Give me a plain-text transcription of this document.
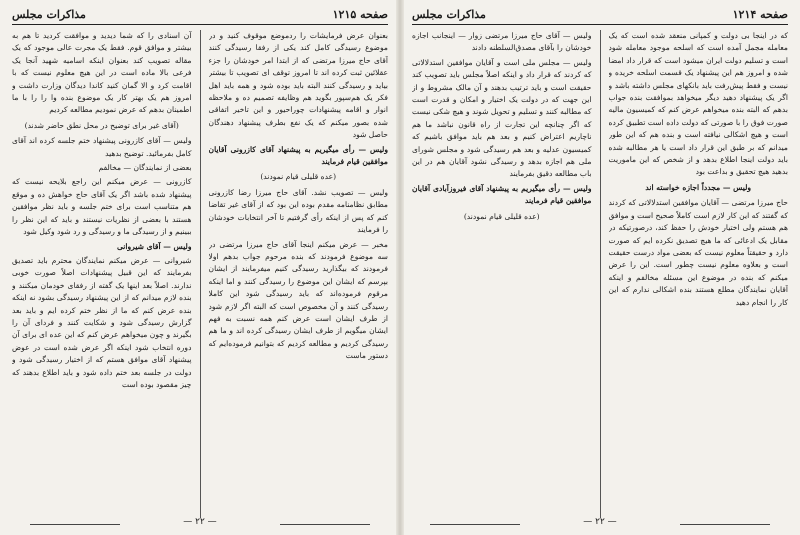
صفحه ۱۲۱۵
مذاکرات مجلس

بعنوان عرض فرمایشات را ردموضع موقوف کنید و در موضوع رسیدگی کامل کند یکی از رفقا رسیدگی کنند آقای حاج میرزا مرتضی که از ابتدا امر خودشان را جزء عقلائین ثبت کرده اند تا امروز توقف ای تصویب تا بیشتر بیاید و رسیدگی کنند البته باید بوده شود و همه باید اهل فکر یک هم‌سپور بگوید هم وظایفه تصمیم ده و ملاحظه انوار و اقامه پیشنهادات چوراحیور و این تاخیر اتفاقی شده بصور میکنم که یک نفع بطرف پیشنهاد دهندگان حاصل شود

ولیس — رأی میگیریم به پیشنهاد آقای کازرونی آقایان موافقین قیام فرمایند

(عده قلیلی قیام نمودند)

ولیس — تصویب نشد. آقای حاج میرزا رضا کازرونی مطابق نظامنامه مقدم بوده این بود که از آقای غیر تقاضا کنم که پس از اینکه رأی گرفتیم تا آخر انتخابات خودشان را فرمایند

مخبر — عرض میکنم اینجا آقای حاج میرزا مرتضی در سه موضوع فرمودند که بنده مرحوم جواب بدهم اولا فرمودند که بیگذارید رسیدگی کنیم میفرمایند از ایشان بپرسم که ایشان این موضوع را رسیدگی کنند و اما اینکه مرقوم فرموده‌اند که باید رسیدگی شود این کاملا رسیدگی کنند و آن مخصوص است که البته اگر لازم شود از طرف ایشان است عرض کنم همه نسبت به فهم ایشان میگویم از طرف ایشان رسیدگی کرده اند و ما هم رسیدگی کردیم و مطالعه کردیم که بتوانیم فرموده‌ایم که دستور ماست

آن اسنادی را که شما دیدید و موافقت کردید تا هم به بیشتر و موافق قوم. فقط یک مجرت عالی موجود که یک مقاله تصویب کند بعنوان اینکه اسامیه شهید آنجا یک فرعی بالا ماده است در این هیچ معلوم نیست که با اقامت کرد و الا گمان کنید کاندا دیدگان وزارت داشت و امروز هم یک بهتر کار یک موضوع بنده وا را را با ما اطمینان بدهم که عرض نمودیم مطالعه کردیم

(آقای غیر برای توضیح در محل نطق حاضر شدند)

ولیس — آقای کازرونی پیشنهاد ختم جلسه کرده اند آقای کامل بفرمائید. توضیح بدهید

بعضی از نمایندگان — مخالفم

کازرونی — عرض میکنم این راجع بلایحه نیست که پیشنهاد شده باشد اگر یک آقای حاج خواهش ده و موقع هم متناسب است برای ختم جلسه و باید نظر موافقین هستند با بعضی از نظریات نیستند و باید که این نظر را ببینیم و از رسیدگی ما و رسیدگی و رد شود وکیل شود

ولیس — آقای شیروانی

شیروانی — عرض میکنم نمایندگان محترم باید تصدیق بفرمایند که این قبیل پیشنهادات اصلاً صورت خوبی ندارند. اصلاً بعد اینها یک گفته از رفقای خودمان میکنند و بنده لازم میدانم که از این پیشنهاد رسیدگی بشود نه اینکه بنده عرض کنم که ما از نظر ختم کرده ایم و باید بعد گزارش رسیدگی شود و شکایت کنند و فردای آن را بگیرند و چون میخواهم عرض کنم که این عده ای برای آن دوره انتخاب شود اینکه اگر عرض شده است در عوض پیشنهاد آقای موافق هستم که از اختیار رسیدگی شود و دولت در جلسه بعد ختم داده شود و باید اطلاع بدهند که چیز مقصود بوده است

— ۲۲ —
صفحه ۱۲۱۴
مذاکرات مجلس

که در اینجا بی دولت و کمپانی منعقد شده است که یک معامله مجمل آمده است که اسلحه موجود معامله شود است و تسلیم دولت ایران میشود است که قرار داد امضا شده و امروز هم این پیشنهاد یک قسمت اسلحه خریده و نیست و فقط پیش‌رفت باید بانکهای مجلس داشته باشد و اگر یک پیشنهاد دهید دیگر میخواهد بموافقت بنده جواب بدهم که البته بنده میخواهم عرض کنم که کمیسیون مالیه صورت فوق را با صورتی که دولت داده است تطبیق کرده است و هیچ اشکالی نیافته است و بنده هم که این طور میدانم که بر طبق این قرار داد است یا هر مطالبه شده باید دولت اینجا اطلاع بدهد و از شخص که این ماموریت بدهید هیچ تحقیق و بداعت بود

ولیس — مجدداً اجازه خواسته اند

حاج میرزا مرتضی — آقایان موافقین استدلالاتی که کردند که گفتند که این کار لازم است کاملاً صحیح است و موافق هم هستم ولی اختیار خودش را حفظ کند، درصورتیکه در مقابل یک ادعائی که ما هیچ تصدیق نکرده ایم که صورت دارد و حقیقتاً معلوم نیست که بعضی مواد درست حقیقت است و بعلاوه معلوم نیست چطور است. این را عرض میکنم که بنده در موضوع این مسئله مخالفم و اینکه آقایان نمایندگان مطلع هستند بنده اشکالی ندارم که این کار را انجام دهید

ولیس — آقای حاج میرزا مرتضی زوار — اینجانب اجازه خودشان را بآقای مصدق‌السلطنه دادند

ولیس — مجلس ملی است و آقایان موافقین استدلالاتی که کردند که قرار داد و اینکه اصلاً مجلس باید تصویب کند حقیقت است و باید ترتیب بدهند و آن مالک مشروط و از این جهت که در دولت یک اختیار و امکان و قدرت است که مطالبه کنند و تسلیم و تحویل شوند و هیچ شکی نیست که اگر چنانچه این تجارت از راه قانون نباشد ما هم ناچاریم اعتراض کنیم و بعد هم باید موافق باشیم که کمیسیون عدلیه و بعد هم رسیدگی شود و مجلس شورای ملی هم اجازه بدهد و رسیدگی نشود آقایان هم در این باب مطالعه دقیق بفرمایند

ولیس — رأی میگیریم به پیشنهاد آقای فیروزآبادی آقایان موافقین قیام فرمایند

(عده قلیلی قیام نمودند)

— ۲۲ —
